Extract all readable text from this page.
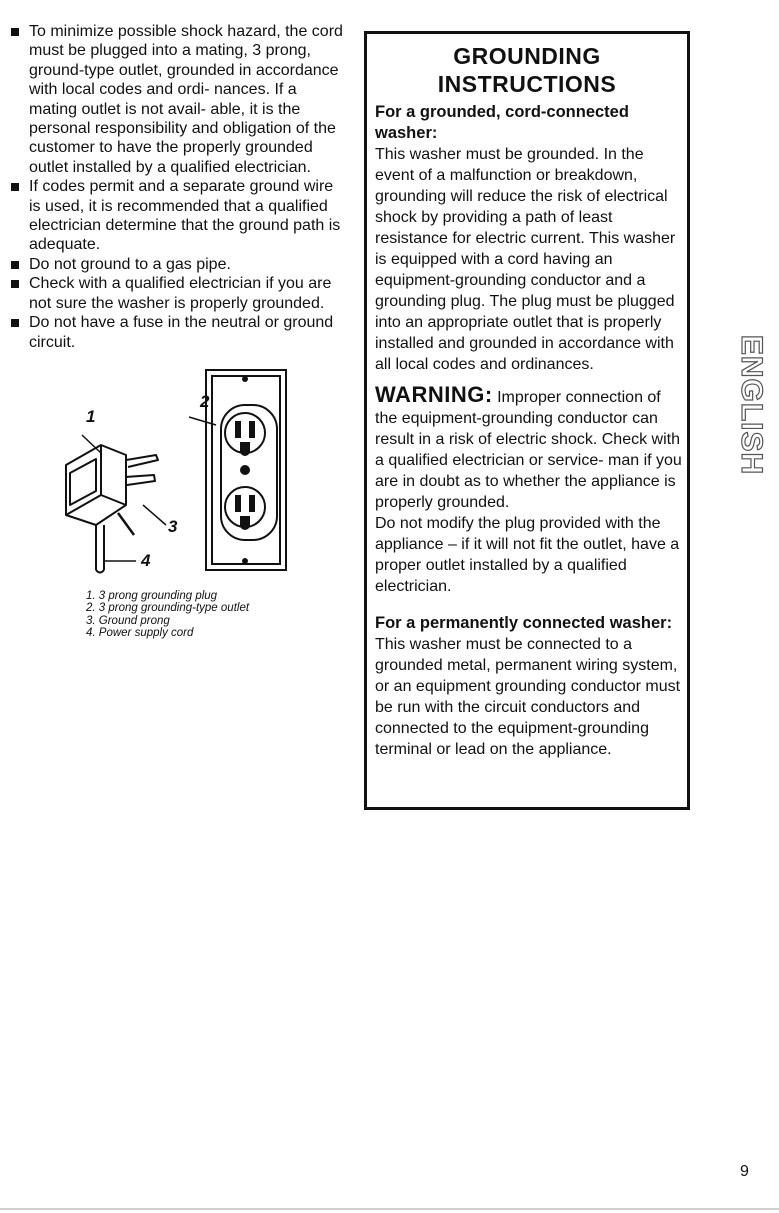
To minimize possible shock hazard, the cord must be plugged into a mating, 3 prong, ground-type outlet, grounded in accordance with local codes and ordi- nances. If a mating outlet is not avail- able, it is the personal responsibility and obligation of the customer to have the properly grounded outlet installed by a qualified electrician.
If codes permit and a separate ground wire is used, it is recommended that a qualified electrician determine that the ground path is adequate.
Do not ground to a gas pipe.
Check with a qualified electrician if you are not sure the washer is properly grounded.
Do not have a fuse in the neutral or ground circuit.
1
2
3
4
1. 3 prong grounding plug
2. 3 prong grounding-type outlet
3. Ground prong
4. Power supply cord
GROUNDING
INSTRUCTIONS
For a grounded, cord-connected washer:

This washer must be grounded. In the event of a malfunction or breakdown, grounding will reduce the risk of electrical shock by providing a path of least resistance for electric current. This washer is equipped with a cord having an equipment-grounding conductor and a grounding plug. The plug must be plugged into an appropriate outlet that is properly installed and grounded in accordance with all local codes and ordinances.

WARNING: Improper connection of the equipment-grounding conductor can result in a risk of electric shock. Check with a qualified electrician or service- man if you are in doubt as to whether the appliance is properly grounded.

Do not modify the plug provided with the appliance – if it will not fit the outlet, have a proper outlet installed by a qualified electrician.

For a permanently connected washer:

This washer must be connected to a grounded metal, permanent wiring system, or an equipment grounding conductor must be run with the circuit conductors and connected to the equipment-grounding terminal or lead on the appliance.

ENGLISH
9
